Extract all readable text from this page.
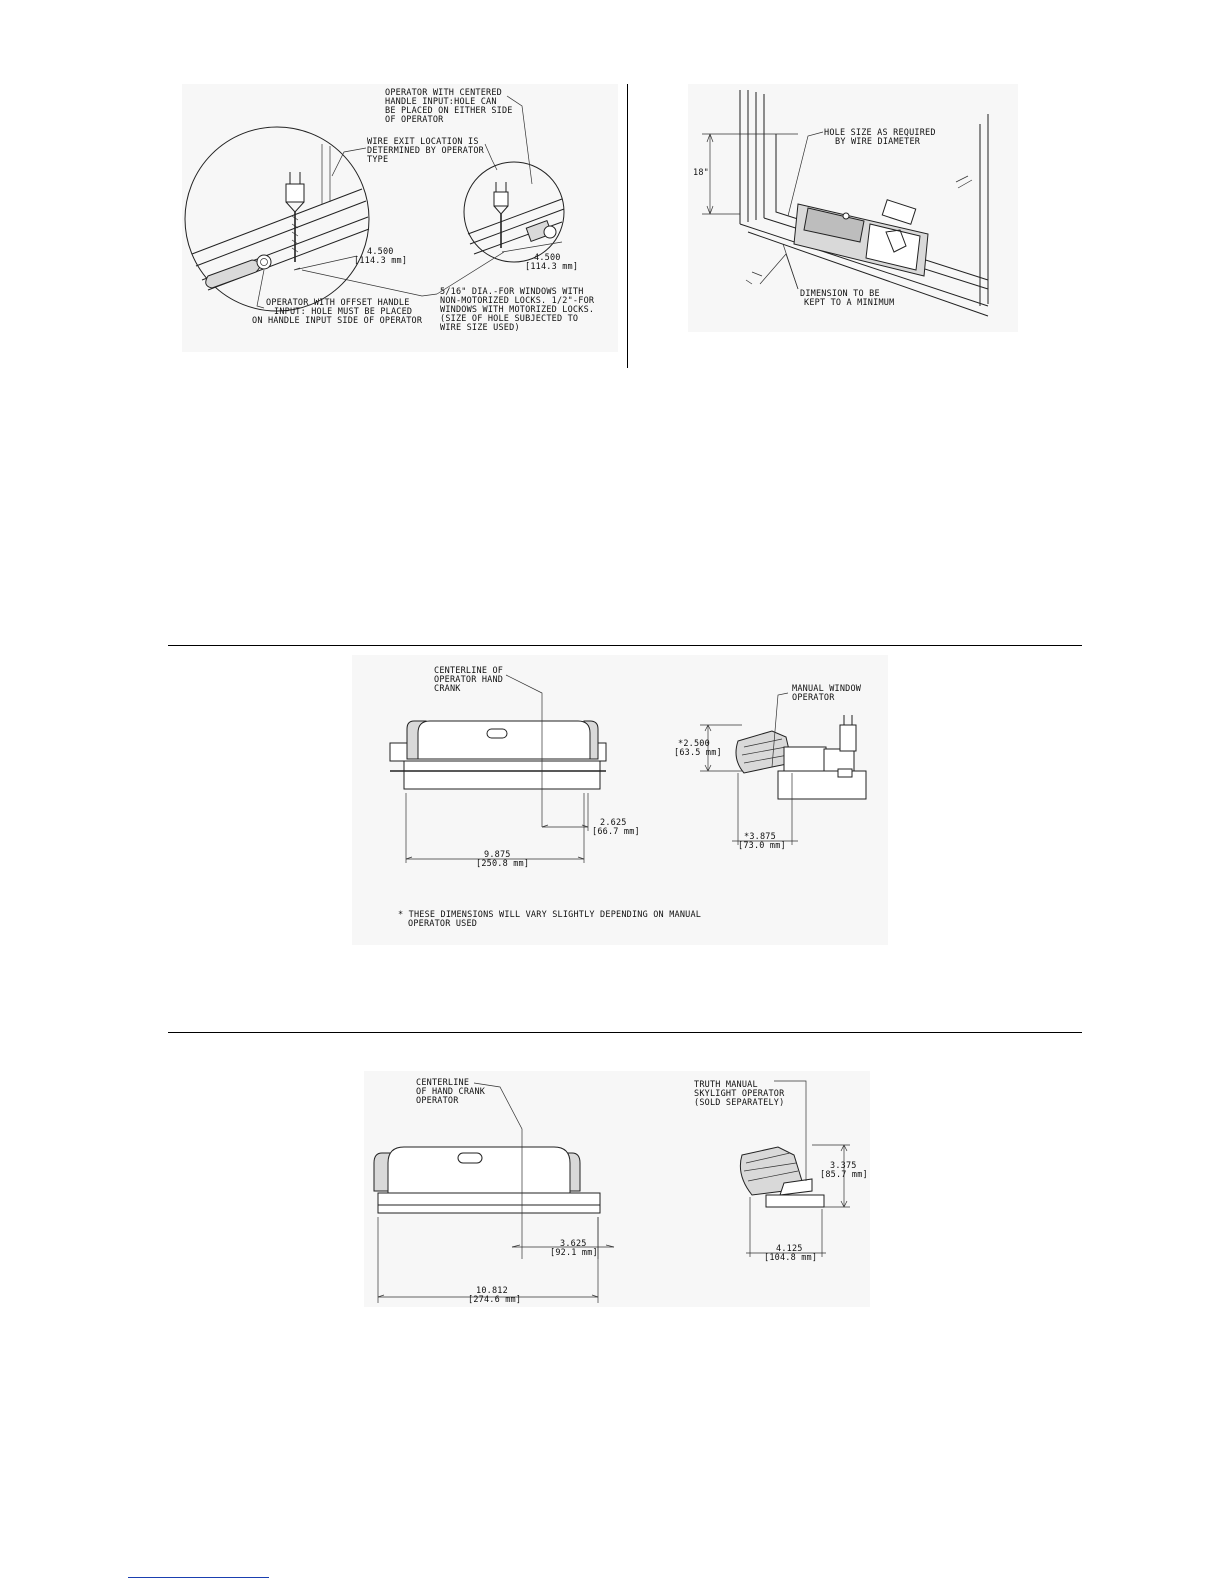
OPERATOR WITH CENTERED HANDLE INPUT:HOLE CAN BE PLACED ON EITHER SIDE OF OPERATOR
WIRE EXIT LOCATION IS DETERMINED BY OPERATOR TYPE
4.500 [114.3 mm]	4.500 [114.3 mm]
OPERATOR WITH OFFSET HANDLE INPUT: HOLE MUST BE PLACED ON HANDLE INPUT SIDE OF OPERATOR
5/16" DIA.-FOR WINDOWS WITH NON-MOTORIZED LOCKS. 1/2"-FOR WINDOWS WITH MOTORIZED LOCKS. (SIZE OF HOLE SUBJECTED TO WIRE SIZE USED)
18"
HOLE SIZE AS REQUIRED BY WIRE DIAMETER
DIMENSION TO BE KEPT TO A MINIMUM
CENTERLINE OF OPERATOR HAND CRANK	MANUAL WINDOW OPERATOR
*2.500 [63.5 mm]
2.625 [66.7 mm]
9.875 [250.8 mm]
*3.875 [73.0 mm]
* THESE DIMENSIONS WILL VARY SLIGHTLY DEPENDING ON MANUAL OPERATOR USED
CENTERLINE OF HAND CRANK OPERATOR
TRUTH MANUAL SKYLIGHT OPERATOR (SOLD SEPARATELY)
3.375 [85.7 mm]
3.625 [92.1 mm]
10.812 [274.6 mm]
4.125 [104.8 mm]
